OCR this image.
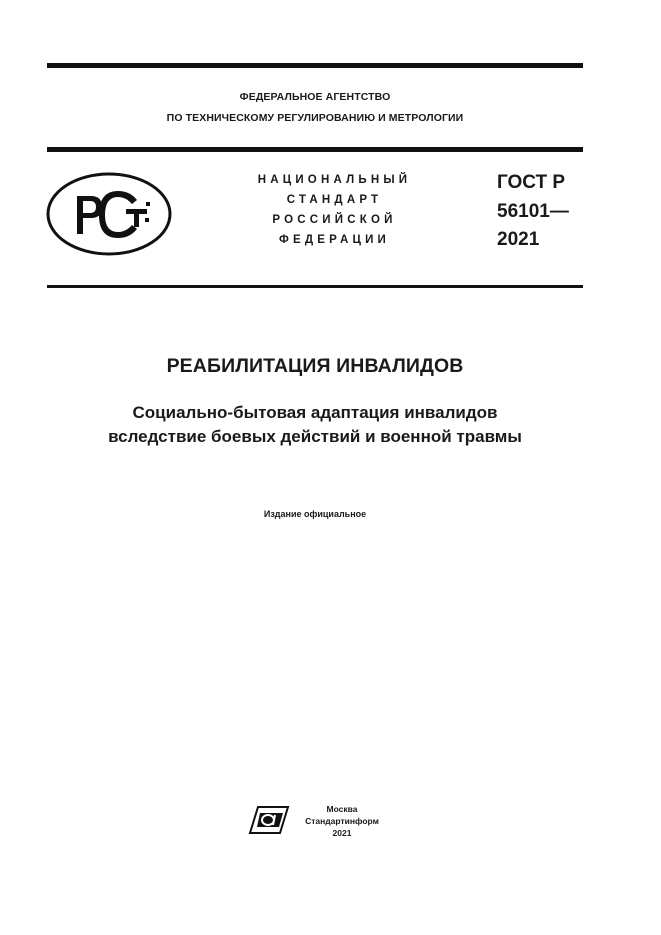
ФЕДЕРАЛЬНОЕ АГЕНТСТВО
ПО ТЕХНИЧЕСКОМУ РЕГУЛИРОВАНИЮ И МЕТРОЛОГИИ
НАЦИОНАЛЬНЫЙ
СТАНДАРТ
РОССИЙСКОЙ
ФЕДЕРАЦИИ
ГОСТ Р
56101—
2021
РЕАБИЛИТАЦИЯ ИНВАЛИДОВ
Социально-бытовая адаптация инвалидов
вследствие боевых действий и военной травмы
Издание официальное
Москва
Стандартинформ
2021
